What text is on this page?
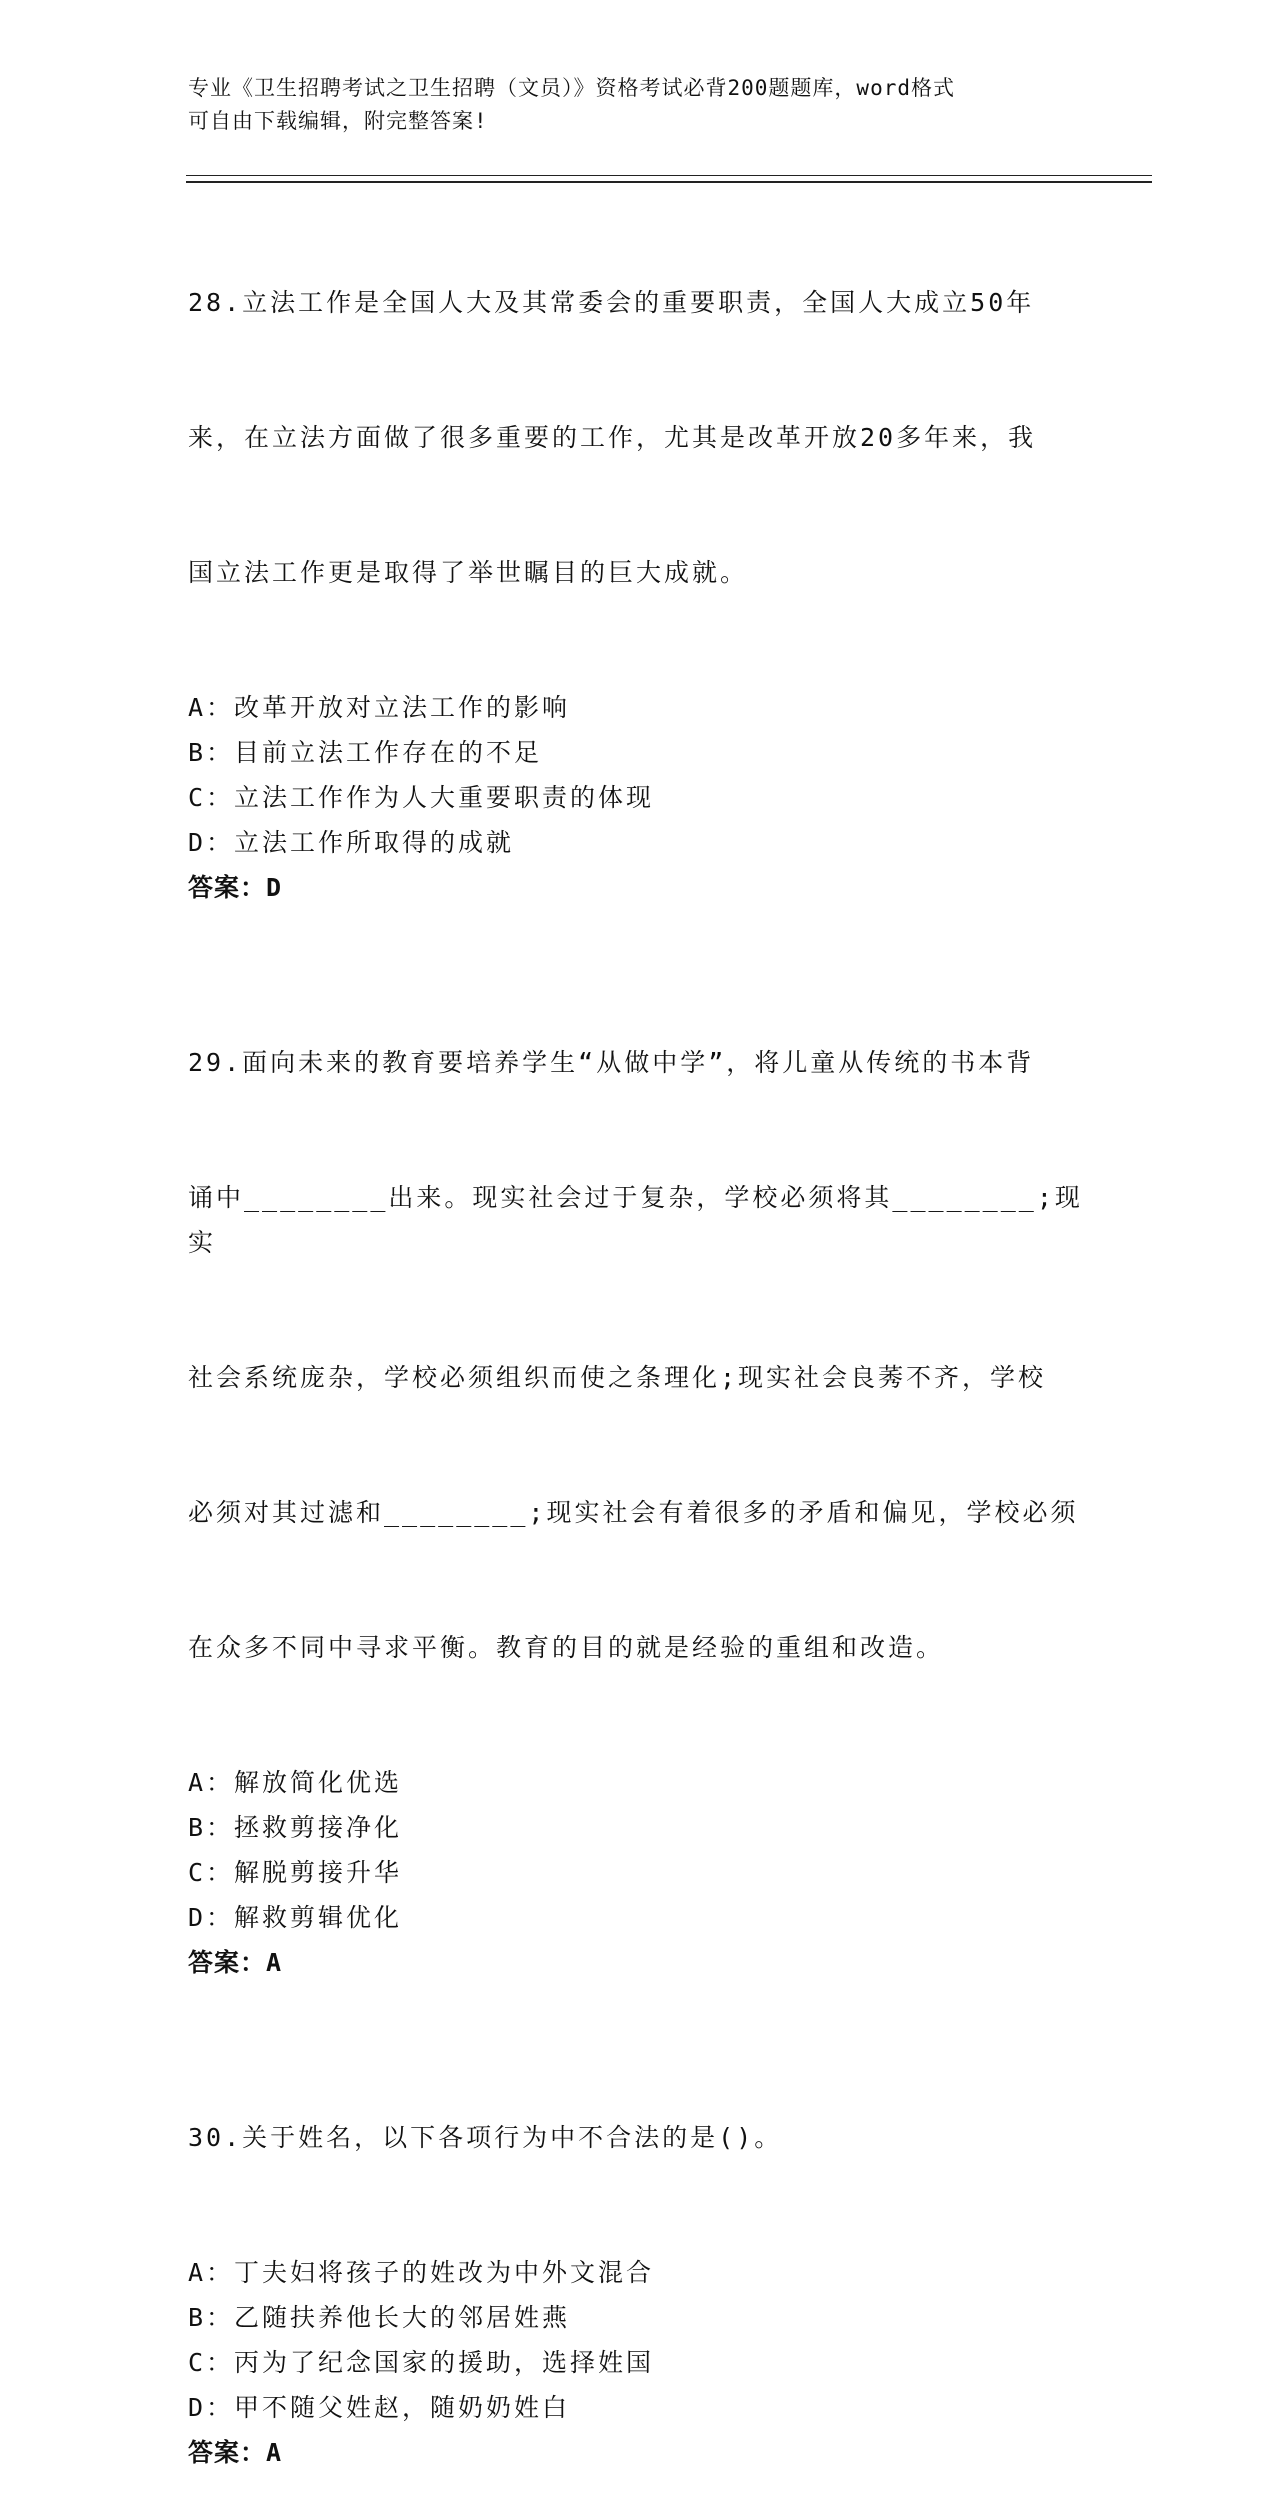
专业《卫生招聘考试之卫生招聘（文员）》资格考试必背200题题库，word格式
可自由下载编辑，附完整答案!

28.立法工作是全国人大及其常委会的重要职责，全国人大成立50年

来，在立法方面做了很多重要的工作，尤其是改革开放20多年来，我

国立法工作更是取得了举世瞩目的巨大成就。

A：改革开放对立法工作的影响
B：目前立法工作存在的不足
C：立法工作作为人大重要职责的体现
D：立法工作所取得的成就
答案：D

29.面向未来的教育要培养学生“从做中学”，将儿童从传统的书本背

诵中________出来。现实社会过于复杂，学校必须将其________;现实

社会系统庞杂，学校必须组织而使之条理化;现实社会良莠不齐，学校

必须对其过滤和________;现实社会有着很多的矛盾和偏见，学校必须

在众多不同中寻求平衡。教育的目的就是经验的重组和改造。

A：解放简化优选
B：拯救剪接净化
C：解脱剪接升华
D：解救剪辑优化
答案：A

30.关于姓名，以下各项行为中不合法的是()。

A：丁夫妇将孩子的姓改为中外文混合
B：乙随扶养他长大的邻居姓燕
C：丙为了纪念国家的援助，选择姓国
D：甲不随父姓赵，随奶奶姓白
答案：A
